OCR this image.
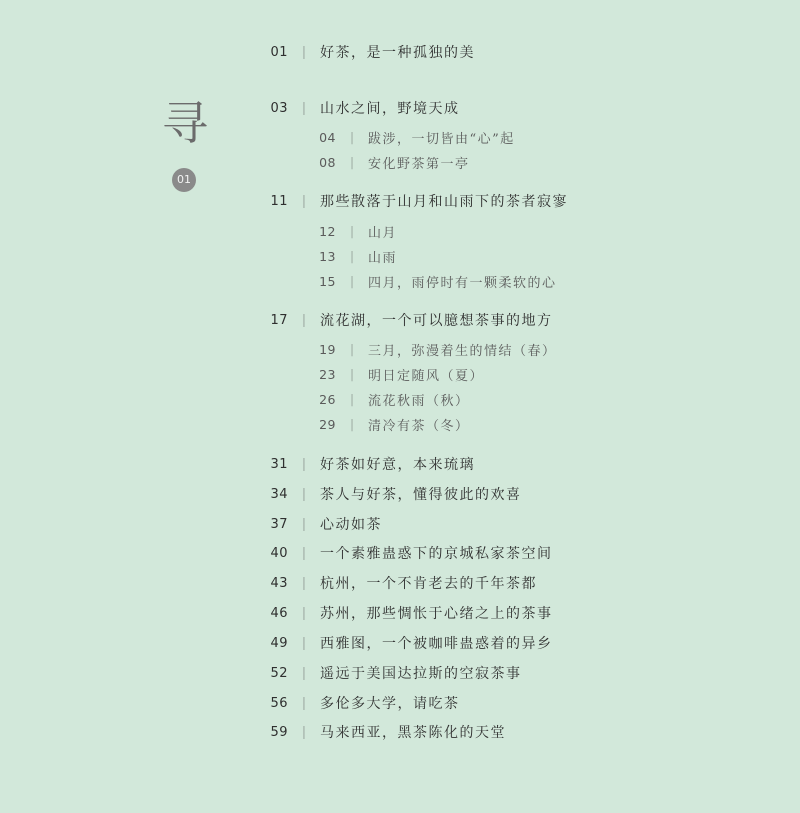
寻
01
01	| 好茶，是一种孤独的美
03	| 山水之间，野境天成
04	|	跋涉，一切皆由“心”起
08	|	安化野茶第一亭
11	| 那些散落于山月和山雨下的茶者寂寥
12	|	山月
13	|	山雨
15	|	四月，雨停时有一颗柔软的心
17	| 流花湖，一个可以臆想茶事的地方
19	|	三月，弥漫着生的情结（春）
23	|	明日定随风（夏）
26	|	流花秋雨（秋）
29	|	清冷有茶（冬）
31	| 好茶如好意，本来琉璃
34	| 茶人与好茶，懂得彼此的欢喜
37	| 心动如茶
40	| 一个素雅蛊惑下的京城私家茶空间
43	| 杭州，一个不肯老去的千年茶都
46	| 苏州，那些惆怅于心绪之上的茶事
49	| 西雅图，一个被咖啡蛊惑着的异乡
52	| 遥远于美国达拉斯的空寂茶事
56	| 多伦多大学，请吃茶
59	| 马来西亚，黑茶陈化的天堂
